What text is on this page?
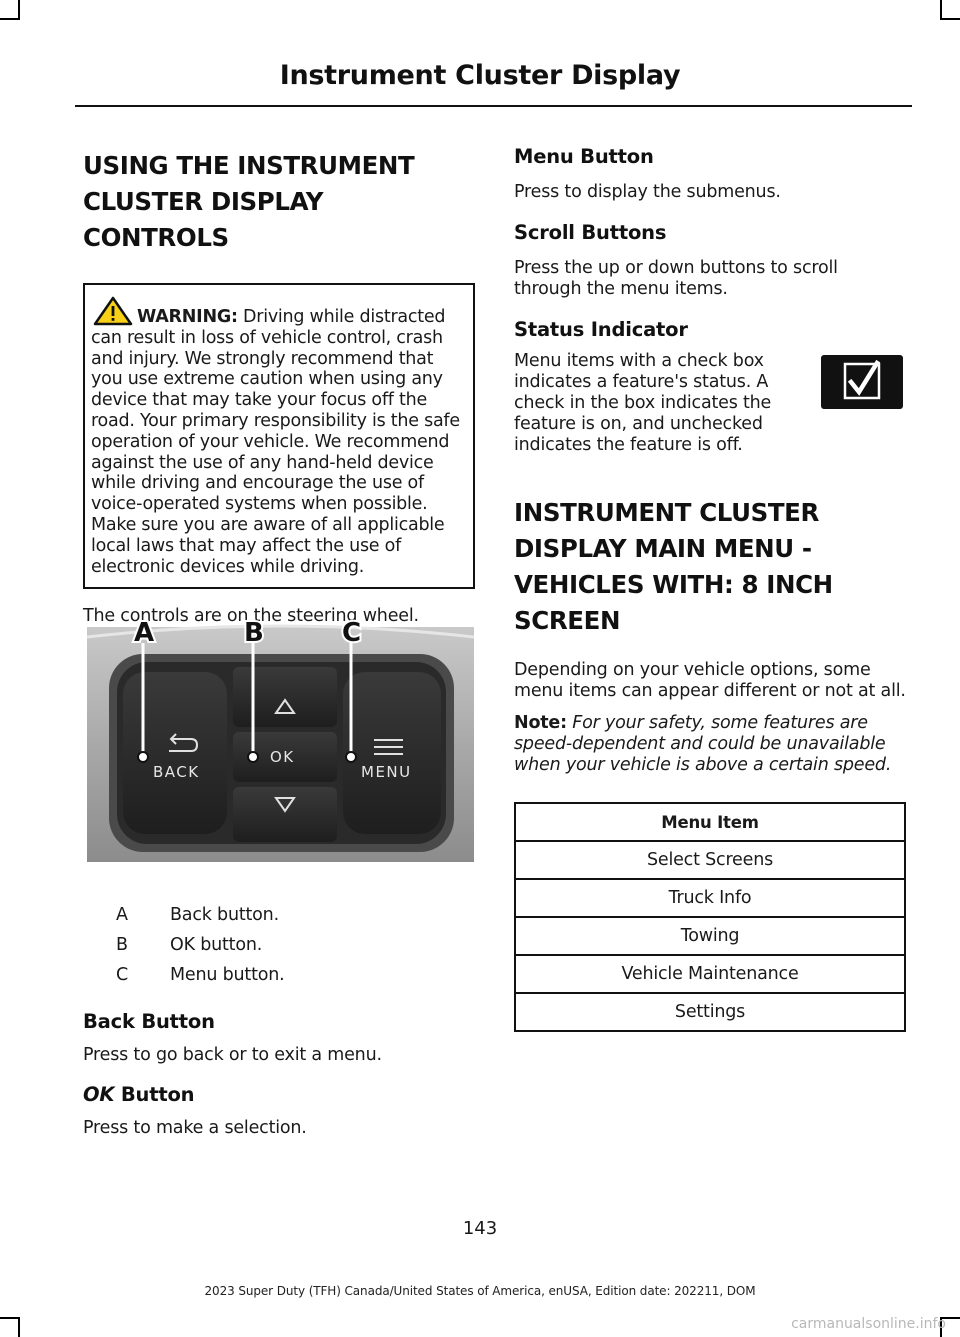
Instrument Cluster Display
USING THE INSTRUMENT
CLUSTER DISPLAY CONTROLS
WARNING: Driving while distracted can result in loss of vehicle control, crash and injury. We strongly recommend that you use extreme caution when using any device that may take your focus off the road. Your primary responsibility is the safe operation of your vehicle. We recommend against the use of any hand-held device while driving and encourage the use of voice-operated systems when possible. Make sure you are aware of all applicable local laws that may affect the use of electronic devices while driving.

The controls are on the steering wheel.

BACK
OK
MENU
A	B	C
A	Back button.
B	OK button.
C	Menu button.
Back Button

Press to go back or to exit a menu.

OK Button

Press to make a selection.

Menu Button

Press to display the submenus.

Scroll Buttons

Press the up or down buttons to scroll through the menu items.

Status Indicator

Menu items with a check box indicates a feature's status. A check in the box indicates the feature is on, and unchecked indicates the feature is off.

INSTRUMENT CLUSTER
DISPLAY MAIN MENU -
VEHICLES WITH: 8 INCH
SCREEN

Depending on your vehicle options, some menu items can appear different or not at all.

Note: For your safety, some features are speed-dependent and could be unavailable when your vehicle is above a certain speed.

Menu Item
Select Screens
Truck Info
Towing
Vehicle Maintenance
Settings
143
2023 Super Duty (TFH) Canada/United States of America, enUSA, Edition date: 202211, DOM
carmanualsonline.info
